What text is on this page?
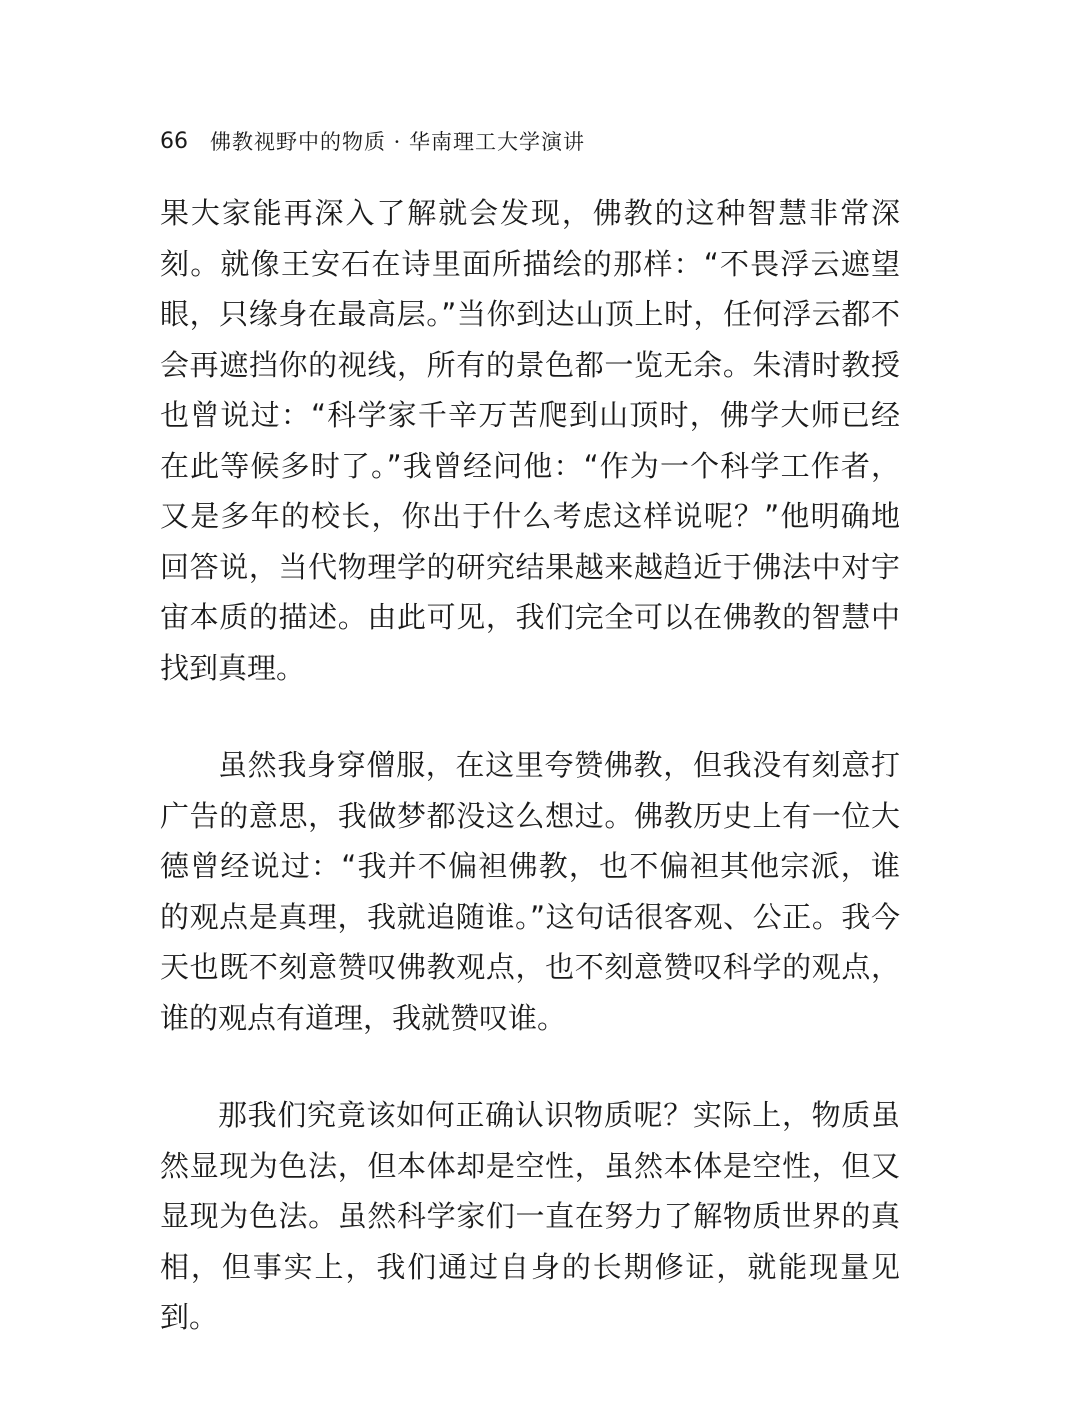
66 佛教视野中的物质 · 华南理工大学演讲

果大家能再深入了解就会发现，佛教的这种智慧非常深刻。就像王安石在诗里面所描绘的那样：“不畏浮云遮望眼，只缘身在最高层。”当你到达山顶上时，任何浮云都不会再遮挡你的视线，所有的景色都一览无余。朱清时教授也曾说过：“科学家千辛万苦爬到山顶时，佛学大师已经在此等候多时了。”我曾经问他：“作为一个科学工作者，又是多年的校长，你出于什么考虑这样说呢？”他明确地回答说，当代物理学的研究结果越来越趋近于佛法中对宇宙本质的描述。由此可见，我们完全可以在佛教的智慧中找到真理。

虽然我身穿僧服，在这里夸赞佛教，但我没有刻意打广告的意思，我做梦都没这么想过。佛教历史上有一位大德曾经说过：“我并不偏袒佛教，也不偏袒其他宗派，谁的观点是真理，我就追随谁。”这句话很客观、公正。我今天也既不刻意赞叹佛教观点，也不刻意赞叹科学的观点，谁的观点有道理，我就赞叹谁。

那我们究竟该如何正确认识物质呢？实际上，物质虽然显现为色法，但本体却是空性，虽然本体是空性，但又显现为色法。虽然科学家们一直在努力了解物质世界的真相，但事实上，我们通过自身的长期修证，就能现量见到。
